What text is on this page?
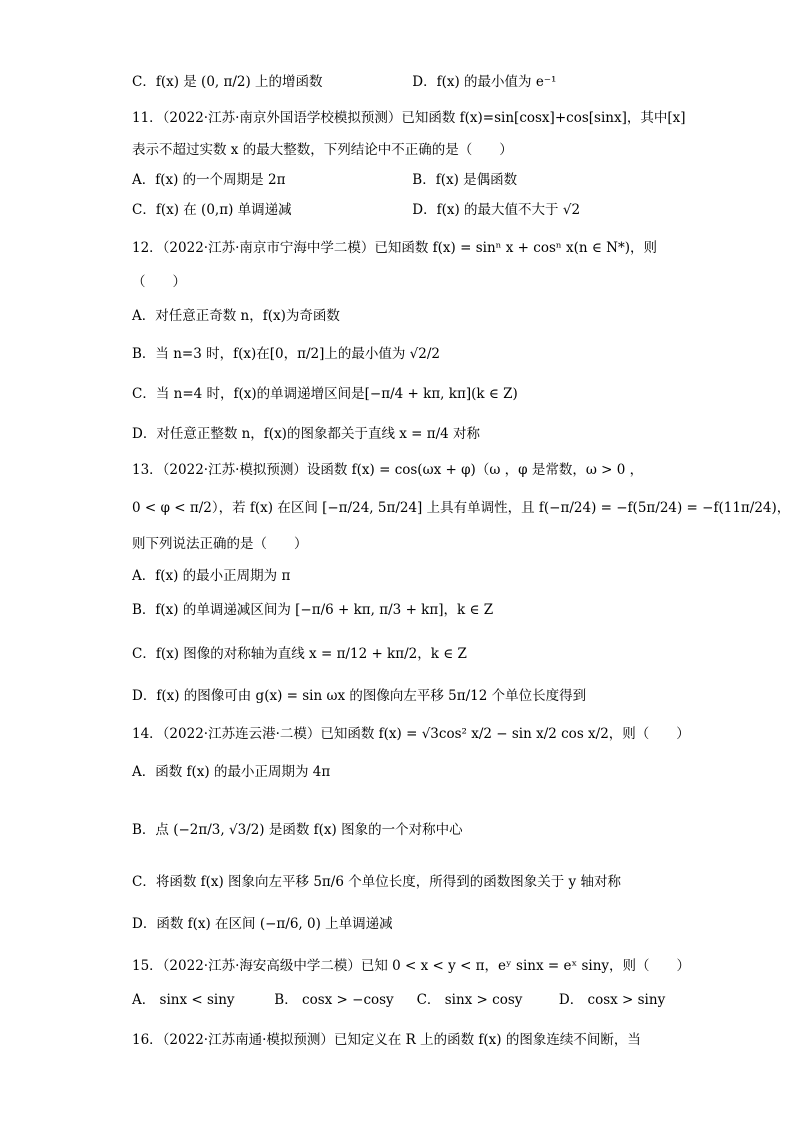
C．f(x) 是 (0, π/2) 上的增函数	D．f(x) 的最小值为 e⁻¹
11．（2022·江苏·南京外国语学校模拟预测）已知函数 f(x)=sin[cosx]+cos[sinx]，其中[x]
表示不超过实数 x 的最大整数，下列结论中不正确的是（　　）
A．f(x) 的一个周期是 2π	B．f(x) 是偶函数
C．f(x) 在 (0,π) 单调递减	D．f(x) 的最大值不大于 √2
12．（2022·江苏·南京市宁海中学二模）已知函数 f(x) = sinⁿ x + cosⁿ x(n ∈ N*)，则
（　　）
A．对任意正奇数 n，f(x)为奇函数
B．当 n=3 时，f(x)在[0，π/2]上的最小值为 √2/2
C．当 n=4 时，f(x)的单调递增区间是[−π/4 + kπ, kπ](k ∈ Z)
D．对任意正整数 n，f(x)的图象都关于直线 x = π/4 对称
13．（2022·江苏·模拟预测）设函数 f(x) = cos(ωx + φ)（ω ，φ 是常数，ω > 0 ，
0 < φ < π/2），若 f(x) 在区间 [−π/24, 5π/24] 上具有单调性，且 f(−π/24) = −f(5π/24) = −f(11π/24)，
则下列说法正确的是（　　）
A．f(x) 的最小正周期为 π
B．f(x) 的单调递减区间为 [−π/6 + kπ, π/3 + kπ]，k ∈ Z
C．f(x) 图像的对称轴为直线 x = π/12 + kπ/2，k ∈ Z
D．f(x) 的图像可由 g(x) = sin ωx 的图像向左平移 5π/12 个单位长度得到
14．（2022·江苏连云港·二模）已知函数 f(x) = √3cos² x/2 − sin x/2 cos x/2，则（　　）
A．函数 f(x) 的最小正周期为 4π
B．点 (−2π/3, √3/2) 是函数 f(x) 图象的一个对称中心
C．将函数 f(x) 图象向左平移 5π/6 个单位长度，所得到的函数图象关于 y 轴对称
D．函数 f(x) 在区间 (−π/6, 0) 上单调递减
15．（2022·江苏·海安高级中学二模）已知 0 < x < y < π，eʸ sinx = eˣ siny，则（　　）
A． sinx < siny	B． cosx > −cosy C． sinx > cosy	D． cosx > siny
16．（2022·江苏南通·模拟预测）已知定义在 R 上的函数 f(x) 的图象连续不间断，当
